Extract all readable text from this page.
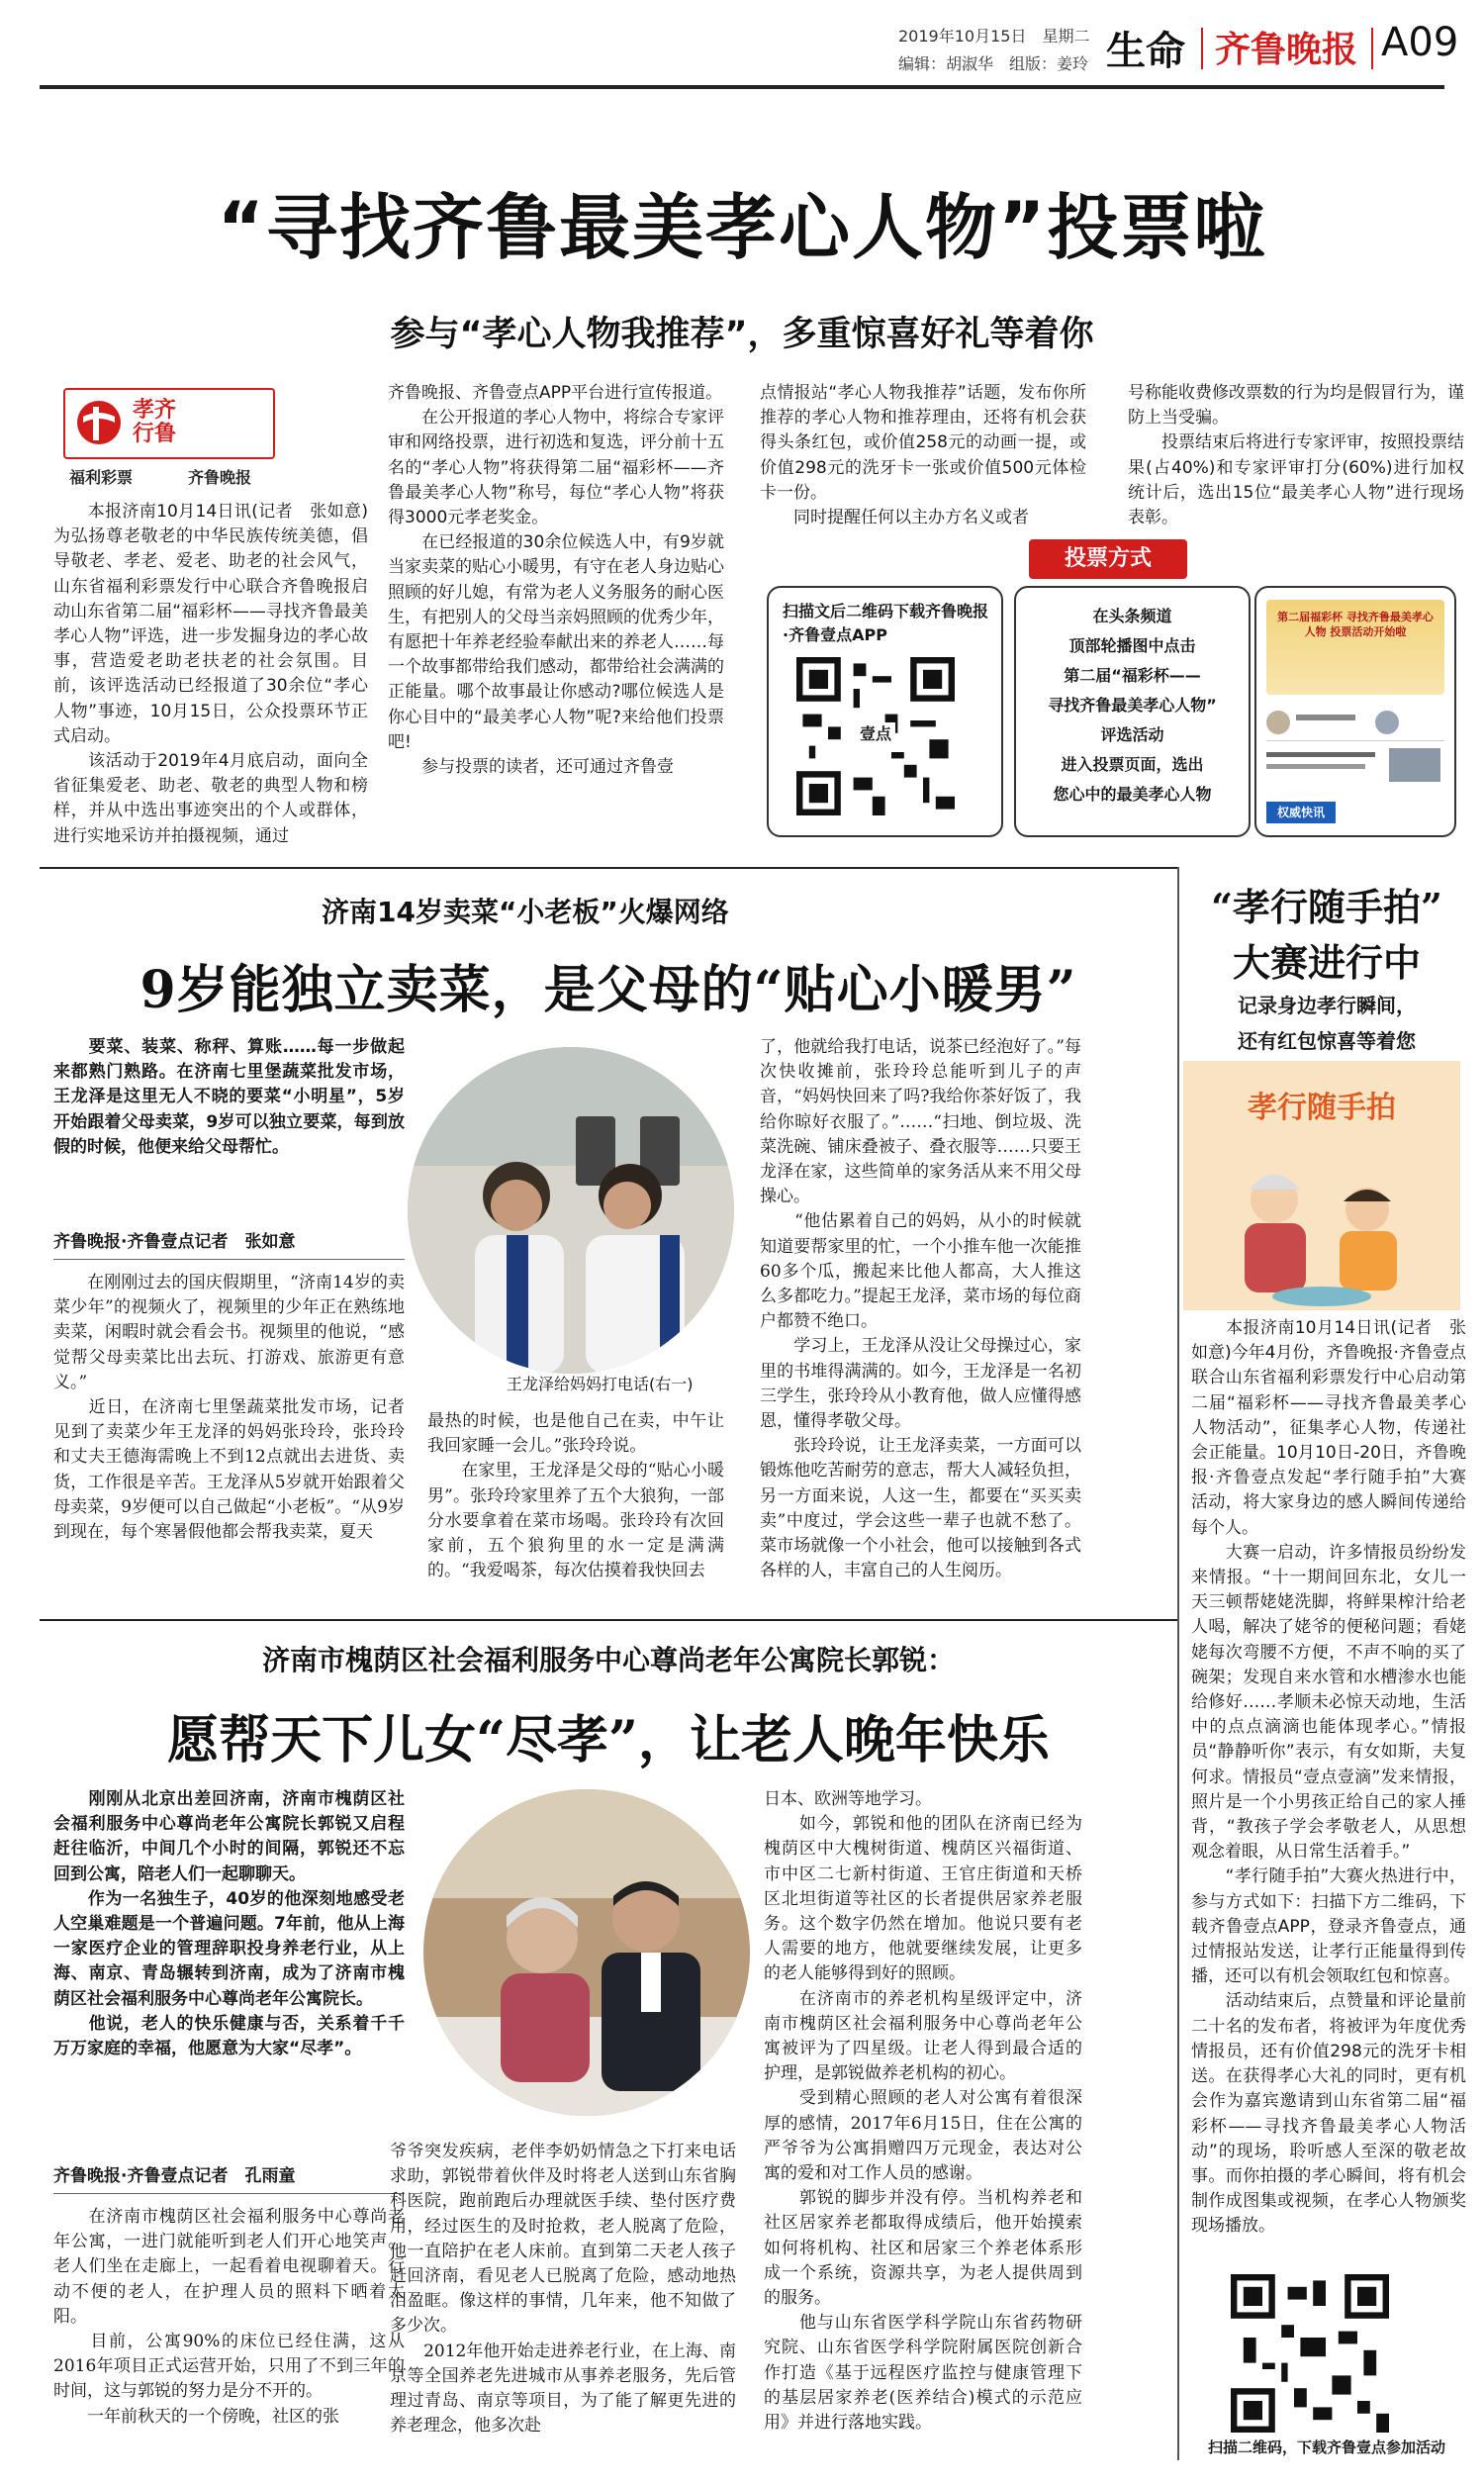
2019年10月15日　星期二
编辑：胡淑华　组版：姜玲 生命 齐鲁晚报 A09
“寻找齐鲁最美孝心人物”投票啦
参与“孝心人物我推荐”，多重惊喜好礼等着你
孝齐行鲁
福利彩票	齐鲁晚报
　　本报济南10月14日讯(记者　张如意)为弘扬尊老敬老的中华民族传统美德，倡导敬老、孝老、爱老、助老的社会风气，山东省福利彩票发行中心联合齐鲁晚报启动山东省第二届“福彩杯——寻找齐鲁最美孝心人物”评选，进一步发掘身边的孝心故事，营造爱老助老扶老的社会氛围。目前，该评选活动已经报道了30余位“孝心人物”事迹，10月15日，公众投票环节正式启动。
　　该活动于2019年4月底启动，面向全省征集爱老、助老、敬老的典型人物和榜样，并从中选出事迹突出的个人或群体，进行实地采访并拍摄视频，通过
齐鲁晚报、齐鲁壹点APP平台进行宣传报道。
　　在公开报道的孝心人物中，将综合专家评审和网络投票，进行初选和复选，评分前十五名的“孝心人物”将获得第二届“福彩杯——齐鲁最美孝心人物”称号，每位“孝心人物”将获得3000元孝老奖金。
　　在已经报道的30余位候选人中，有9岁就当家卖菜的贴心小暖男，有守在老人身边贴心照顾的好儿媳，有常为老人义务服务的耐心医生，有把别人的父母当亲妈照顾的优秀少年，有愿把十年养老经验奉献出来的养老人……每一个故事都带给我们感动，都带给社会满满的正能量。哪个故事最让你感动?哪位候选人是你心目中的“最美孝心人物”呢?来给他们投票吧!
　　参与投票的读者，还可通过齐鲁壹
点情报站“孝心人物我推荐”话题，发布你所推荐的孝心人物和推荐理由，还将有机会获得头条红包，或价值258元的动画一提，或价值298元的洗牙卡一张或价值500元体检卡一份。
　　同时提醒任何以主办方名义或者
号称能收费修改票数的行为均是假冒行为，谨防上当受骗。
　　投票结束后将进行专家评审，按照投票结果(占40%)和专家评审打分(60%)进行加权统计后，选出15位“最美孝心人物”进行现场表彰。
投票方式
扫描文后二维码下载齐鲁晚报·齐鲁壹点APP
壹点
在头条频道
顶部轮播图中点击
第二届“福彩杯——
寻找齐鲁最美孝心人物”
评选活动
进入投票页面，选出
您心中的最美孝心人物
第二届福彩杯 寻找齐鲁最美孝心人物 投票活动开始啦
权威快讯
济南14岁卖菜“小老板”火爆网络
9岁能独立卖菜，是父母的“贴心小暖男”
　　要菜、装菜、称秤、算账……每一步做起来都熟门熟路。在济南七里堡蔬菜批发市场，王龙泽是这里无人不晓的要菜“小明星”，5岁开始跟着父母卖菜，9岁可以独立要菜，每到放假的时候，他便来给父母帮忙。
齐鲁晚报·齐鲁壹点记者　张如意
　　在刚刚过去的国庆假期里，“济南14岁的卖菜少年”的视频火了，视频里的少年正在熟练地卖菜，闲暇时就会看会书。视频里的他说，“感觉帮父母卖菜比出去玩、打游戏、旅游更有意义。”
　　近日，在济南七里堡蔬菜批发市场，记者见到了卖菜少年王龙泽的妈妈张玲玲，张玲玲和丈夫王德海需晚上不到12点就出去进货、卖货，工作很是辛苦。王龙泽从5岁就开始跟着父母卖菜，9岁便可以自己做起“小老板”。“从9岁到现在，每个寒暑假他都会帮我卖菜，夏天
王龙泽给妈妈打电话(右一)
最热的时候，也是他自己在卖，中午让我回家睡一会儿。”张玲玲说。
　　在家里，王龙泽是父母的“贴心小暖男”。张玲玲家里养了五个大狼狗，一部分水要拿着在菜市场喝。张玲玲有次回家前，五个狼狗里的水一定是满满的。“我爱喝茶，每次估摸着我快回去
了，他就给我打电话，说茶已经泡好了。”每次快收摊前，张玲玲总能听到儿子的声音，“妈妈快回来了吗?我给你茶好饭了，我给你晾好衣服了。”……“扫地、倒垃圾、洗菜洗碗、铺床叠被子、叠衣服等……只要王龙泽在家，这些简单的家务活从来不用父母操心。
　　“他估累着自己的妈妈，从小的时候就知道要帮家里的忙，一个小推车他一次能推60多个瓜，搬起来比他人都高，大人推这么多都吃力。”提起王龙泽，菜市场的每位商户都赞不绝口。
　　学习上，王龙泽从没让父母操过心，家里的书堆得满满的。如今，王龙泽是一名初三学生，张玲玲从小教育他，做人应懂得感恩，懂得孝敬父母。
　　张玲玲说，让王龙泽卖菜，一方面可以锻炼他吃苦耐劳的意志，帮大人减轻负担，另一方面来说，人这一生，都要在“买买卖卖”中度过，学会这些一辈子也就不愁了。菜市场就像一个小社会，他可以接触到各式各样的人，丰富自己的人生阅历。
济南市槐荫区社会福利服务中心尊尚老年公寓院长郭锐：
愿帮天下儿女“尽孝”，让老人晚年快乐
　　刚刚从北京出差回济南，济南市槐荫区社会福利服务中心尊尚老年公寓院长郭锐又启程赶往临沂，中间几个小时的间隔，郭锐还不忘回到公寓，陪老人们一起聊聊天。
　　作为一名独生子，40岁的他深刻地感受老人空巢难题是一个普遍问题。7年前，他从上海一家医疗企业的管理辞职投身养老行业，从上海、南京、青岛辗转到济南，成为了济南市槐荫区社会福利服务中心尊尚老年公寓院长。
　　他说，老人的快乐健康与否，关系着千千万万家庭的幸福，他愿意为大家“尽孝”。
齐鲁晚报·齐鲁壹点记者　孔雨童
　　在济南市槐荫区社会福利服务中心尊尚老年公寓，一进门就能听到老人们开心地笑声。老人们坐在走廊上，一起看着电视聊着天。行动不便的老人，在护理人员的照料下晒着太阳。
　　目前，公寓90%的床位已经住满，这从2016年项目正式运营开始，只用了不到三年的时间，这与郭锐的努力是分不开的。
　　一年前秋天的一个傍晚，社区的张
爷爷突发疾病，老伴李奶奶情急之下打来电话求助，郭锐带着伙伴及时将老人送到山东省胸科医院，跑前跑后办理就医手续、垫付医疗费用，经过医生的及时抢救，老人脱离了危险，他一直陪护在老人床前。直到第二天老人孩子赶回济南，看见老人已脱离了危险，感动地热泪盈眶。像这样的事情，几年来，他不知做了多少次。
　　2012年他开始走进养老行业，在上海、南京等全国养老先进城市从事养老服务，先后管理过青岛、南京等项目，为了能了解更先进的养老理念，他多次赴
日本、欧洲等地学习。
　　如今，郭锐和他的团队在济南已经为槐荫区中大槐树街道、槐荫区兴福街道、市中区二七新村街道、王官庄街道和天桥区北坦街道等社区的长者提供居家养老服务。这个数字仍然在增加。他说只要有老人需要的地方，他就要继续发展，让更多的老人能够得到好的照顾。
　　在济南市的养老机构星级评定中，济南市槐荫区社会福利服务中心尊尚老年公寓被评为了四星级。让老人得到最合适的护理，是郭锐做养老机构的初心。
　　受到精心照顾的老人对公寓有着很深厚的感情，2017年6月15日，住在公寓的严爷爷为公寓捐赠四万元现金，表达对公寓的爱和对工作人员的感谢。
　　郭锐的脚步并没有停。当机构养老和社区居家养老都取得成绩后，他开始摸索如何将机构、社区和居家三个养老体系形成一个系统，资源共享，为老人提供周到的服务。
　　他与山东省医学科学院山东省药物研究院、山东省医学科学院附属医院创新合作打造《基于远程医疗监控与健康管理下的基层居家养老(医养结合)模式的示范应用》并进行落地实践。
“孝行随手拍”
大赛进行中
记录身边孝行瞬间，
还有红包惊喜等着您
孝行随手拍
　　本报济南10月14日讯(记者　张如意)今年4月份，齐鲁晚报·齐鲁壹点联合山东省福利彩票发行中心启动第二届“福彩杯——寻找齐鲁最美孝心人物活动”，征集孝心人物，传递社会正能量。10月10日-20日，齐鲁晚报·齐鲁壹点发起“孝行随手拍”大赛活动，将大家身边的感人瞬间传递给每个人。
　　大赛一启动，许多情报员纷纷发来情报。“十一期间回东北，女儿一天三顿帮姥姥洗脚，将鲜果榨汁给老人喝，解决了姥爷的便秘问题；看姥姥每次弯腰不方便，不声不响的买了碗架；发现自来水管和水槽渗水也能给修好……孝顺未必惊天动地，生活中的点点滴滴也能体现孝心。”情报员“静静听你”表示，有女如斯，夫复何求。情报员“壹点壹滴”发来情报，照片是一个小男孩正给自己的家人捶背，“教孩子学会孝敬老人，从思想观念着眼，从日常生活着手。”
　　“孝行随手拍”大赛火热进行中，参与方式如下：扫描下方二维码，下载齐鲁壹点APP，登录齐鲁壹点，通过情报站发送，让孝行正能量得到传播，还可以有机会领取红包和惊喜。
　　活动结束后，点赞量和评论量前二十名的发布者，将被评为年度优秀情报员，还有价值298元的洗牙卡相送。在获得孝心大礼的同时，更有机会作为嘉宾邀请到山东省第二届“福彩杯——寻找齐鲁最美孝心人物活动”的现场，聆听感人至深的敬老故事。而你拍摄的孝心瞬间，将有机会制作成图集或视频，在孝心人物颁奖现场播放。
扫描二维码，下载齐鲁壹点参加活动
